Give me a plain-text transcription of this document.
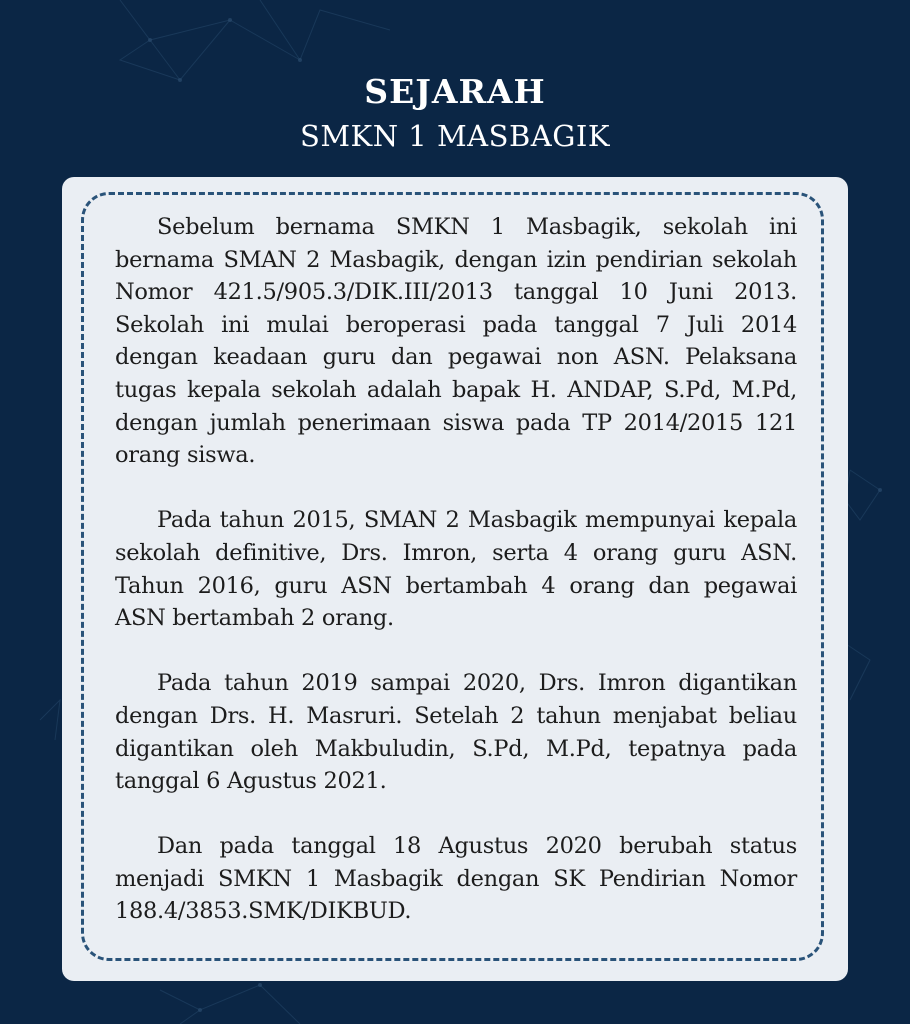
SEJARAH
SMKN 1 MASBAGIK

Sebelum bernama SMKN 1 Masbagik, sekolah ini bernama SMAN 2 Masbagik, dengan izin pendirian sekolah Nomor 421.5/905.3/DIK.III/2013 tanggal 10 Juni 2013. Sekolah ini mulai beroperasi pada tanggal 7 Juli 2014 dengan keadaan guru dan pegawai non ASN. Pelaksana tugas kepala sekolah adalah bapak H. ANDAP, S.Pd, M.Pd, dengan jumlah penerimaan siswa pada TP 2014/2015 121 orang siswa.

Pada tahun 2015, SMAN 2 Masbagik mempunyai kepala sekolah definitive, Drs. Imron, serta 4 orang guru ASN. Tahun 2016, guru ASN bertambah 4 orang dan pegawai ASN bertambah 2 orang.

Pada tahun 2019 sampai 2020, Drs. Imron digantikan dengan Drs. H. Masruri. Setelah 2 tahun menjabat beliau digantikan oleh Makbuludin, S.Pd, M.Pd, tepatnya pada tanggal 6 Agustus 2021.

Dan pada tanggal 18 Agustus 2020 berubah status menjadi SMKN 1 Masbagik dengan SK Pendirian Nomor 188.4/3853.SMK/DIKBUD.
